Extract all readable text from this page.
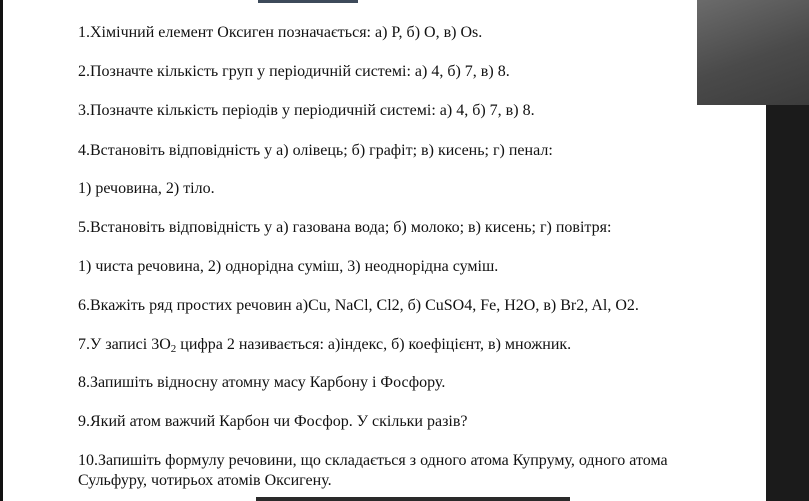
1.Хімічний елемент Оксиген позначається: а) P, б) О, в) Os.
2.Позначте кількість груп у періодичній системі: а) 4, б) 7, в) 8.
3.Позначте кількість періодів у періодичній системі: а) 4, б) 7, в) 8.
4.Встановіть відповідність у а) олівець; б) графіт; в) кисень; г) пенал:
1) речовина, 2) тіло.
5.Встановіть відповідність у а) газована вода; б) молоко; в) кисень; г) повітря:
1) чиста речовина, 2) однорідна суміш, 3) неоднорідна суміш.
6.Вкажіть ряд простих речовин а)Cu, NaCl, Cl2, б) CuSO4, Fe, H2O, в) Br2, Al, O2.
7.У записі $3O_2$ цифра 2 називається: а)індекс, б) коефіцієнт, в) множник.
8.Запишіть відносну атомну масу Карбону і Фосфору.
9.Який атом важчий Карбон чи Фосфор. У скільки разів?
10.Запишіть формулу речовини, що складається з одного атома Купруму, одного атома
Сульфуру, чотирьох атомів Оксигену.
